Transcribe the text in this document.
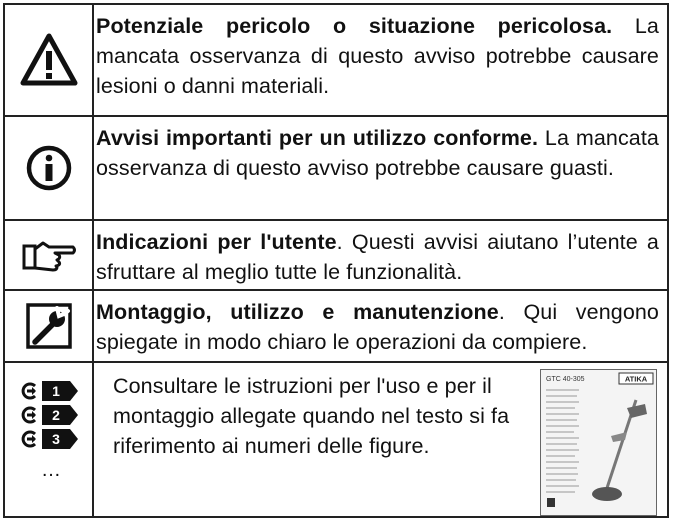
Potenziale pericolo o situazione pericolosa. La mancata osservanza di questo avviso potrebbe causare lesioni o danni materiali.
Avvisi importanti per un utilizzo conforme. La mancata osservanza di questo avviso potrebbe causare guasti.
Indicazioni per l'utente. Questi avvisi aiutano l’utente a sfruttare al meglio tutte le funzionalità.
Montaggio, utilizzo e manutenzione. Qui vengono spiegate in modo chiaro le operazioni da compiere.
1
2
3
…
Consultare le istruzioni per l'uso e per il montaggio allegate quando nel testo si fa riferimento ai numeri delle figure.
GTC 40-305	ATIKA
